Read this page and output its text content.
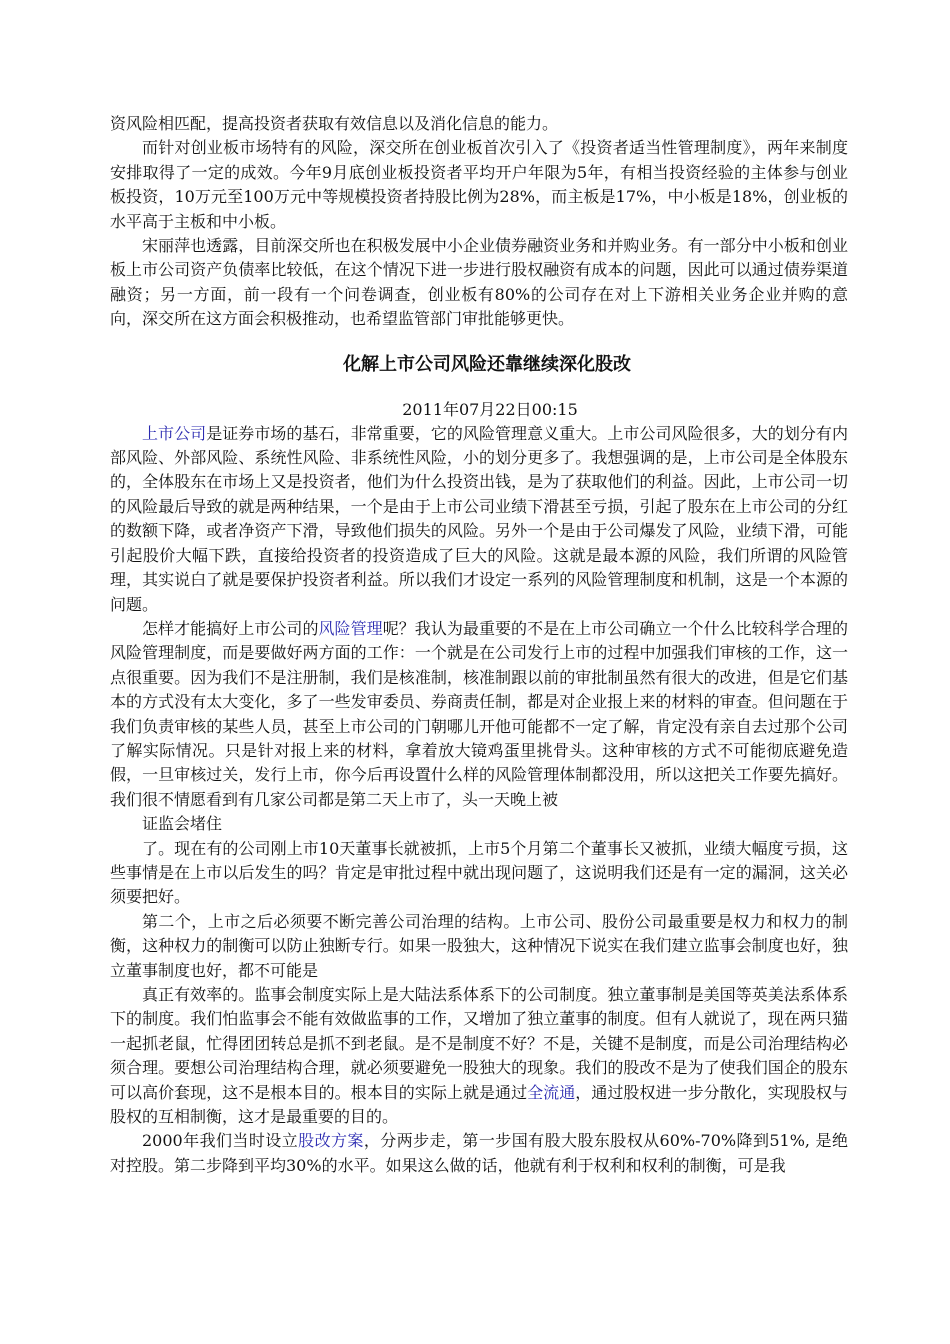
资风险相匹配，提高投资者获取有效信息以及消化信息的能力。

而针对创业板市场特有的风险，深交所在创业板首次引入了《投资者适当性管理制度》，两年来制度安排取得了一定的成效。今年9月底创业板投资者平均开户年限为5年，有相当投资经验的主体参与创业板投资，10万元至100万元中等规模投资者持股比例为28%，而主板是17%，中小板是18%，创业板的水平高于主板和中小板。

宋丽萍也透露，目前深交所也在积极发展中小企业债券融资业务和并购业务。有一部分中小板和创业板上市公司资产负债率比较低，在这个情况下进一步进行股权融资有成本的问题，因此可以通过债券渠道融资；另一方面，前一段有一个问卷调查，创业板有80%的公司存在对上下游相关业务企业并购的意向，深交所在这方面会积极推动，也希望监管部门审批能够更快。

化解上市公司风险还靠继续深化股改
2011年07月22日00:15

上市公司是证券市场的基石，非常重要，它的风险管理意义重大。上市公司风险很多，大的划分有内部风险、外部风险、系统性风险、非系统性风险，小的划分更多了。我想强调的是，上市公司是全体股东的，全体股东在市场上又是投资者，他们为什么投资出钱，是为了获取他们的利益。因此，上市公司一切的风险最后导致的就是两种结果，一个是由于上市公司业绩下滑甚至亏损，引起了股东在上市公司的分红的数额下降，或者净资产下滑，导致他们损失的风险。另外一个是由于公司爆发了风险，业绩下滑，可能引起股价大幅下跌，直接给投资者的投资造成了巨大的风险。这就是最本源的风险，我们所谓的风险管理，其实说白了就是要保护投资者利益。所以我们才设定一系列的风险管理制度和机制，这是一个本源的问题。

怎样才能搞好上市公司的风险管理呢？我认为最重要的不是在上市公司确立一个什么比较科学合理的风险管理制度，而是要做好两方面的工作：一个就是在公司发行上市的过程中加强我们审核的工作，这一点很重要。因为我们不是注册制，我们是核准制，核准制跟以前的审批制虽然有很大的改进，但是它们基本的方式没有太大变化，多了一些发审委员、券商责任制，都是对企业报上来的材料的审查。但问题在于我们负责审核的某些人员，甚至上市公司的门朝哪儿开他可能都不一定了解，肯定没有亲自去过那个公司了解实际情况。只是针对报上来的材料，拿着放大镜鸡蛋里挑骨头。这种审核的方式不可能彻底避免造假，一旦审核过关，发行上市，你今后再设置什么样的风险管理体制都没用，所以这把关工作要先搞好。我们很不情愿看到有几家公司都是第二天上市了，头一天晚上被

证监会堵住

了。现在有的公司刚上市10天董事长就被抓，上市5个月第二个董事长又被抓，业绩大幅度亏损，这些事情是在上市以后发生的吗？肯定是审批过程中就出现问题了，这说明我们还是有一定的漏洞，这关必须要把好。

第二个，上市之后必须要不断完善公司治理的结构。上市公司、股份公司最重要是权力和权力的制衡，这种权力的制衡可以防止独断专行。如果一股独大，这种情况下说实在我们建立监事会制度也好，独立董事制度也好，都不可能是

真正有效率的。监事会制度实际上是大陆法系体系下的公司制度。独立董事制是美国等英美法系体系下的制度。我们怕监事会不能有效做监事的工作，又增加了独立董事的制度。但有人就说了，现在两只猫一起抓老鼠，忙得团团转总是抓不到老鼠。是不是制度不好？不是，关键不是制度，而是公司治理结构必须合理。要想公司治理结构合理，就必须要避免一股独大的现象。我们的股改不是为了使我们国企的股东可以高价套现，这不是根本目的。根本目的实际上就是通过全流通，通过股权进一步分散化，实现股权与股权的互相制衡，这才是最重要的目的。

2000年我们当时设立股改方案，分两步走，第一步国有股大股东股权从60%-70%降到51%, 是绝对控股。第二步降到平均30%的水平。如果这么做的话，他就有利于权利和权利的制衡，可是我
